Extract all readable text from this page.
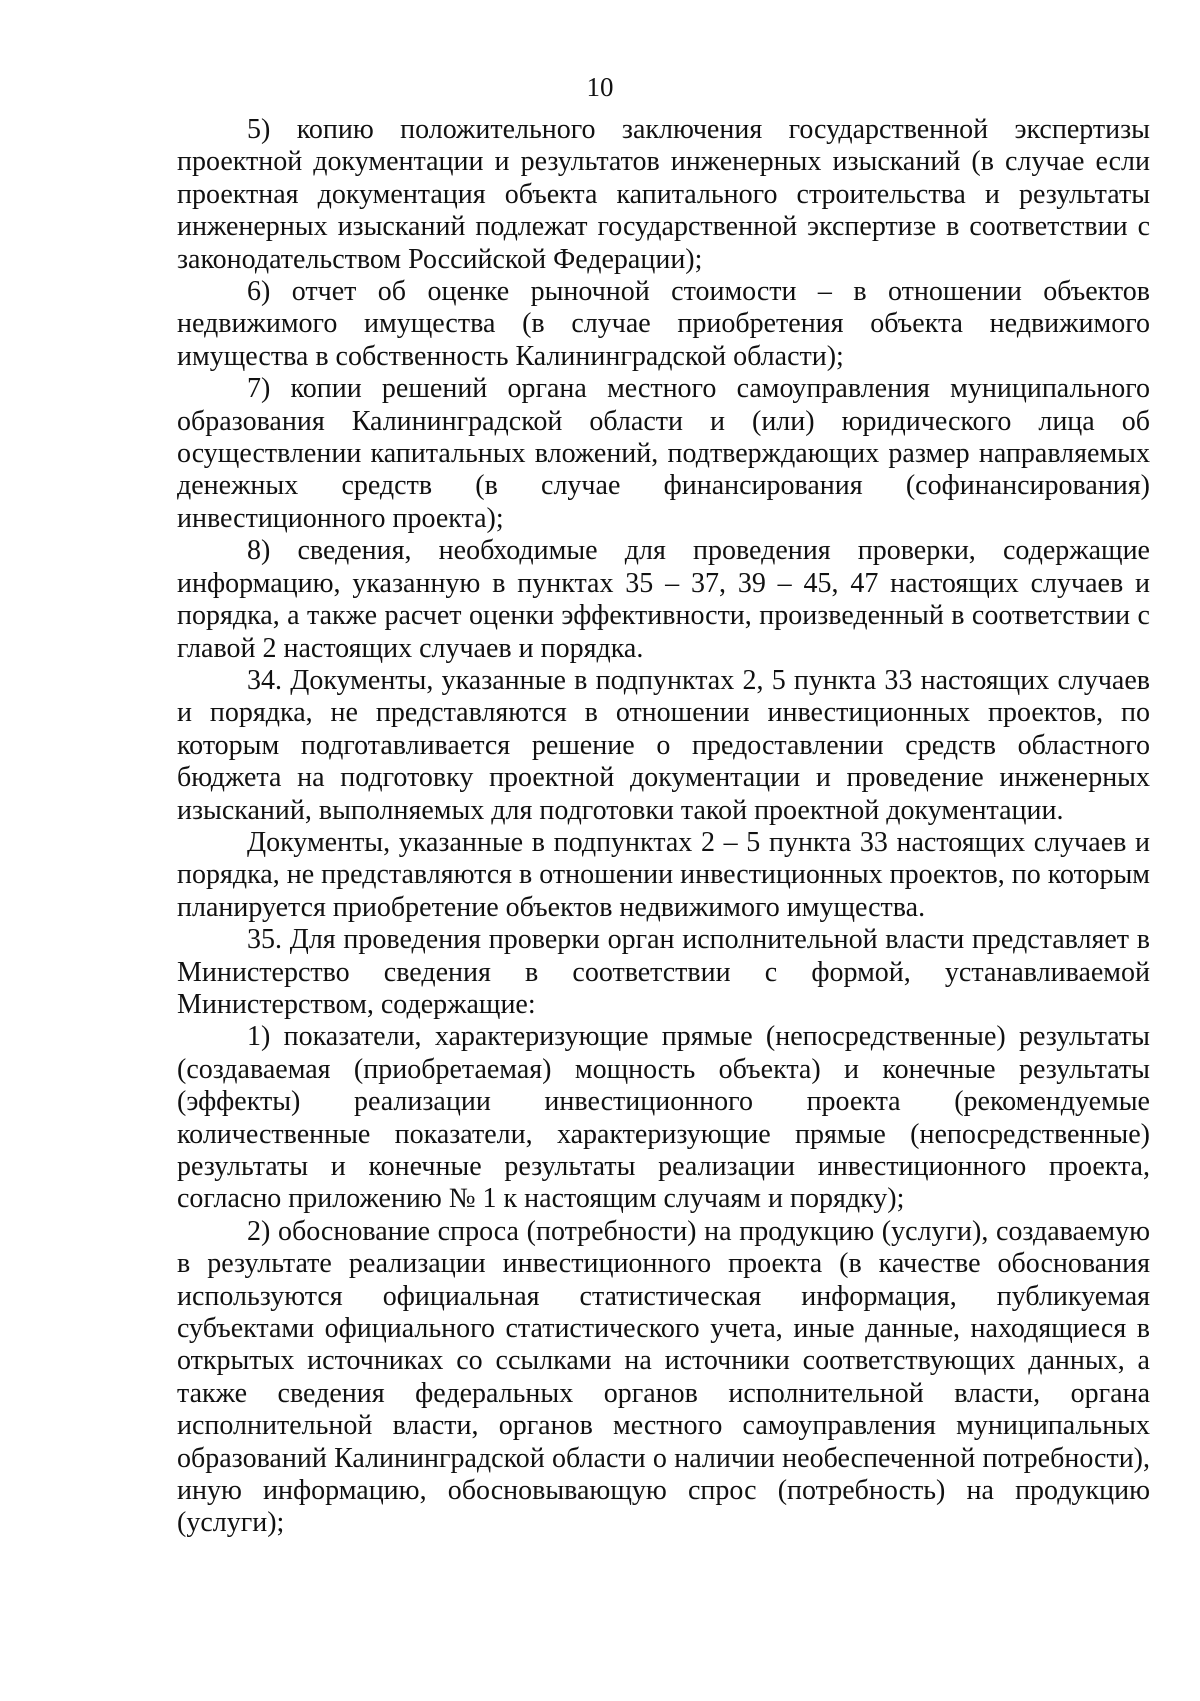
10

5) копию положительного заключения государственной экспертизы проектной документации и результатов инженерных изысканий (в случае если проектная документация объекта капитального строительства и результаты инженерных изысканий подлежат государственной экспертизе в соответствии с законодательством Российской Федерации);

6) отчет об оценке рыночной стоимости – в отношении объектов недвижимого имущества (в случае приобретения объекта недвижимого имущества в собственность Калининградской области);

7) копии решений органа местного самоуправления муниципального образования Калининградской области и (или) юридического лица об осуществлении капитальных вложений, подтверждающих размер направляемых денежных средств (в случае финансирования (софинансирования) инвестиционного проекта);

8) сведения, необходимые для проведения проверки, содержащие информацию, указанную в пунктах 35 – 37, 39 – 45, 47 настоящих случаев и порядка, а также расчет оценки эффективности, произведенный в соответствии с главой 2 настоящих случаев и порядка.

34. Документы, указанные в подпунктах 2, 5 пункта 33 настоящих случаев и порядка, не представляются в отношении инвестиционных проектов, по которым подготавливается решение о предоставлении средств областного бюджета на подготовку проектной документации и проведение инженерных изысканий, выполняемых для подготовки такой проектной документации.

Документы, указанные в подпунктах 2 – 5 пункта 33 настоящих случаев и порядка, не представляются в отношении инвестиционных проектов, по которым планируется приобретение объектов недвижимого имущества.

35. Для проведения проверки орган исполнительной власти представляет в Министерство сведения в соответствии с формой, устанавливаемой Министерством, содержащие:

1) показатели, характеризующие прямые (непосредственные) результаты (создаваемая (приобретаемая) мощность объекта) и конечные результаты (эффекты) реализации инвестиционного проекта (рекомендуемые количественные показатели, характеризующие прямые (непосредственные) результаты и конечные результаты реализации инвестиционного проекта, согласно приложению № 1 к настоящим случаям и порядку);

2) обоснование спроса (потребности) на продукцию (услуги), создаваемую в результате реализации инвестиционного проекта (в качестве обоснования используются официальная статистическая информация, публикуемая субъектами официального статистического учета, иные данные, находящиеся в открытых источниках со ссылками на источники соответствующих данных, а также сведения федеральных органов исполнительной власти, органа исполнительной власти, органов местного самоуправления муниципальных образований Калининградской области о наличии необеспеченной потребности), иную информацию, обосновывающую спрос (потребность) на продукцию (услуги);
